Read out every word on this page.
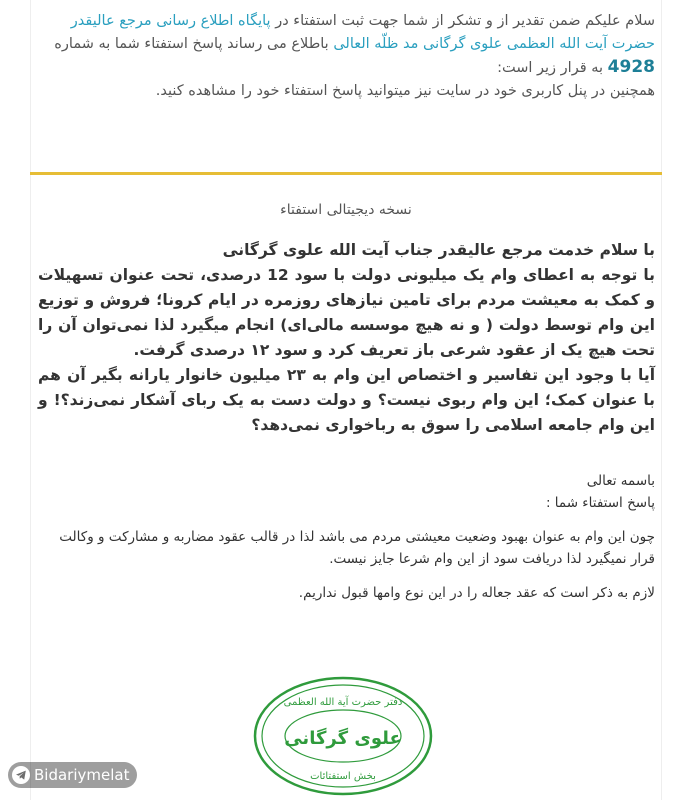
سلام علیکم ضمن تقدیر از و تشکر از شما جهت ثبت استفتاء در پایگاه اطلاع رسانی مرجع عالیقدر حضرت آیت الله العظمی علوی گرگانی مد ظلّه العالی باطلاع می رساند پاسخ استفتاء شما به شماره 4928 به قرار زیر است:

همچنین در پنل کاربری خود در سایت نیز میتوانید پاسخ استفتاء خود را مشاهده کنید.

نسخه دیجیتالی استفتاء

با سلام خدمت مرجع عالیقدر جناب آیت الله علوی گرگانی

با توجه به اعطای وام یک میلیونی دولت با سود 12 درصدی، تحت عنوان تسهیلات و کمک به معیشت مردم برای تامین نیازهای روزمره در ایام کرونا؛ فروش و توزیع این وام توسط دولت ( و نه هیچ موسسه مالی‌ای) انجام میگیرد لذا نمی‌توان آن را تحت هیچ یک از عقود شرعی باز تعریف کرد و سود ۱۲ درصدی گرفت.

آیا با وجود این تفاسیر و اختصاص این وام به ۲۳ میلیون خانوار یارانه بگیر آن هم با عنوان کمک؛ این وام ربوی نیست؟ و دولت دست به یک ربای آشکار نمی‌زند؟! و این وام جامعه اسلامی را سوق به رباخواری نمی‌دهد؟

باسمه تعالی

پاسخ استفتاء شما :

چون این وام به عنوان بهبود وضعیت معیشتی مردم می باشد لذا در قالب عقود مضاربه و مشارکت و وکالت قرار نمیگیرد لذا دریافت سود از این وام شرعا جایز نیست.

لازم به ذکر است که عقد جعاله را در این نوع وامها قبول نداریم.

دفتر حضرت آیة الله العظمی
علوی گرگانی
بخش استفتائات
Bidariymelat
